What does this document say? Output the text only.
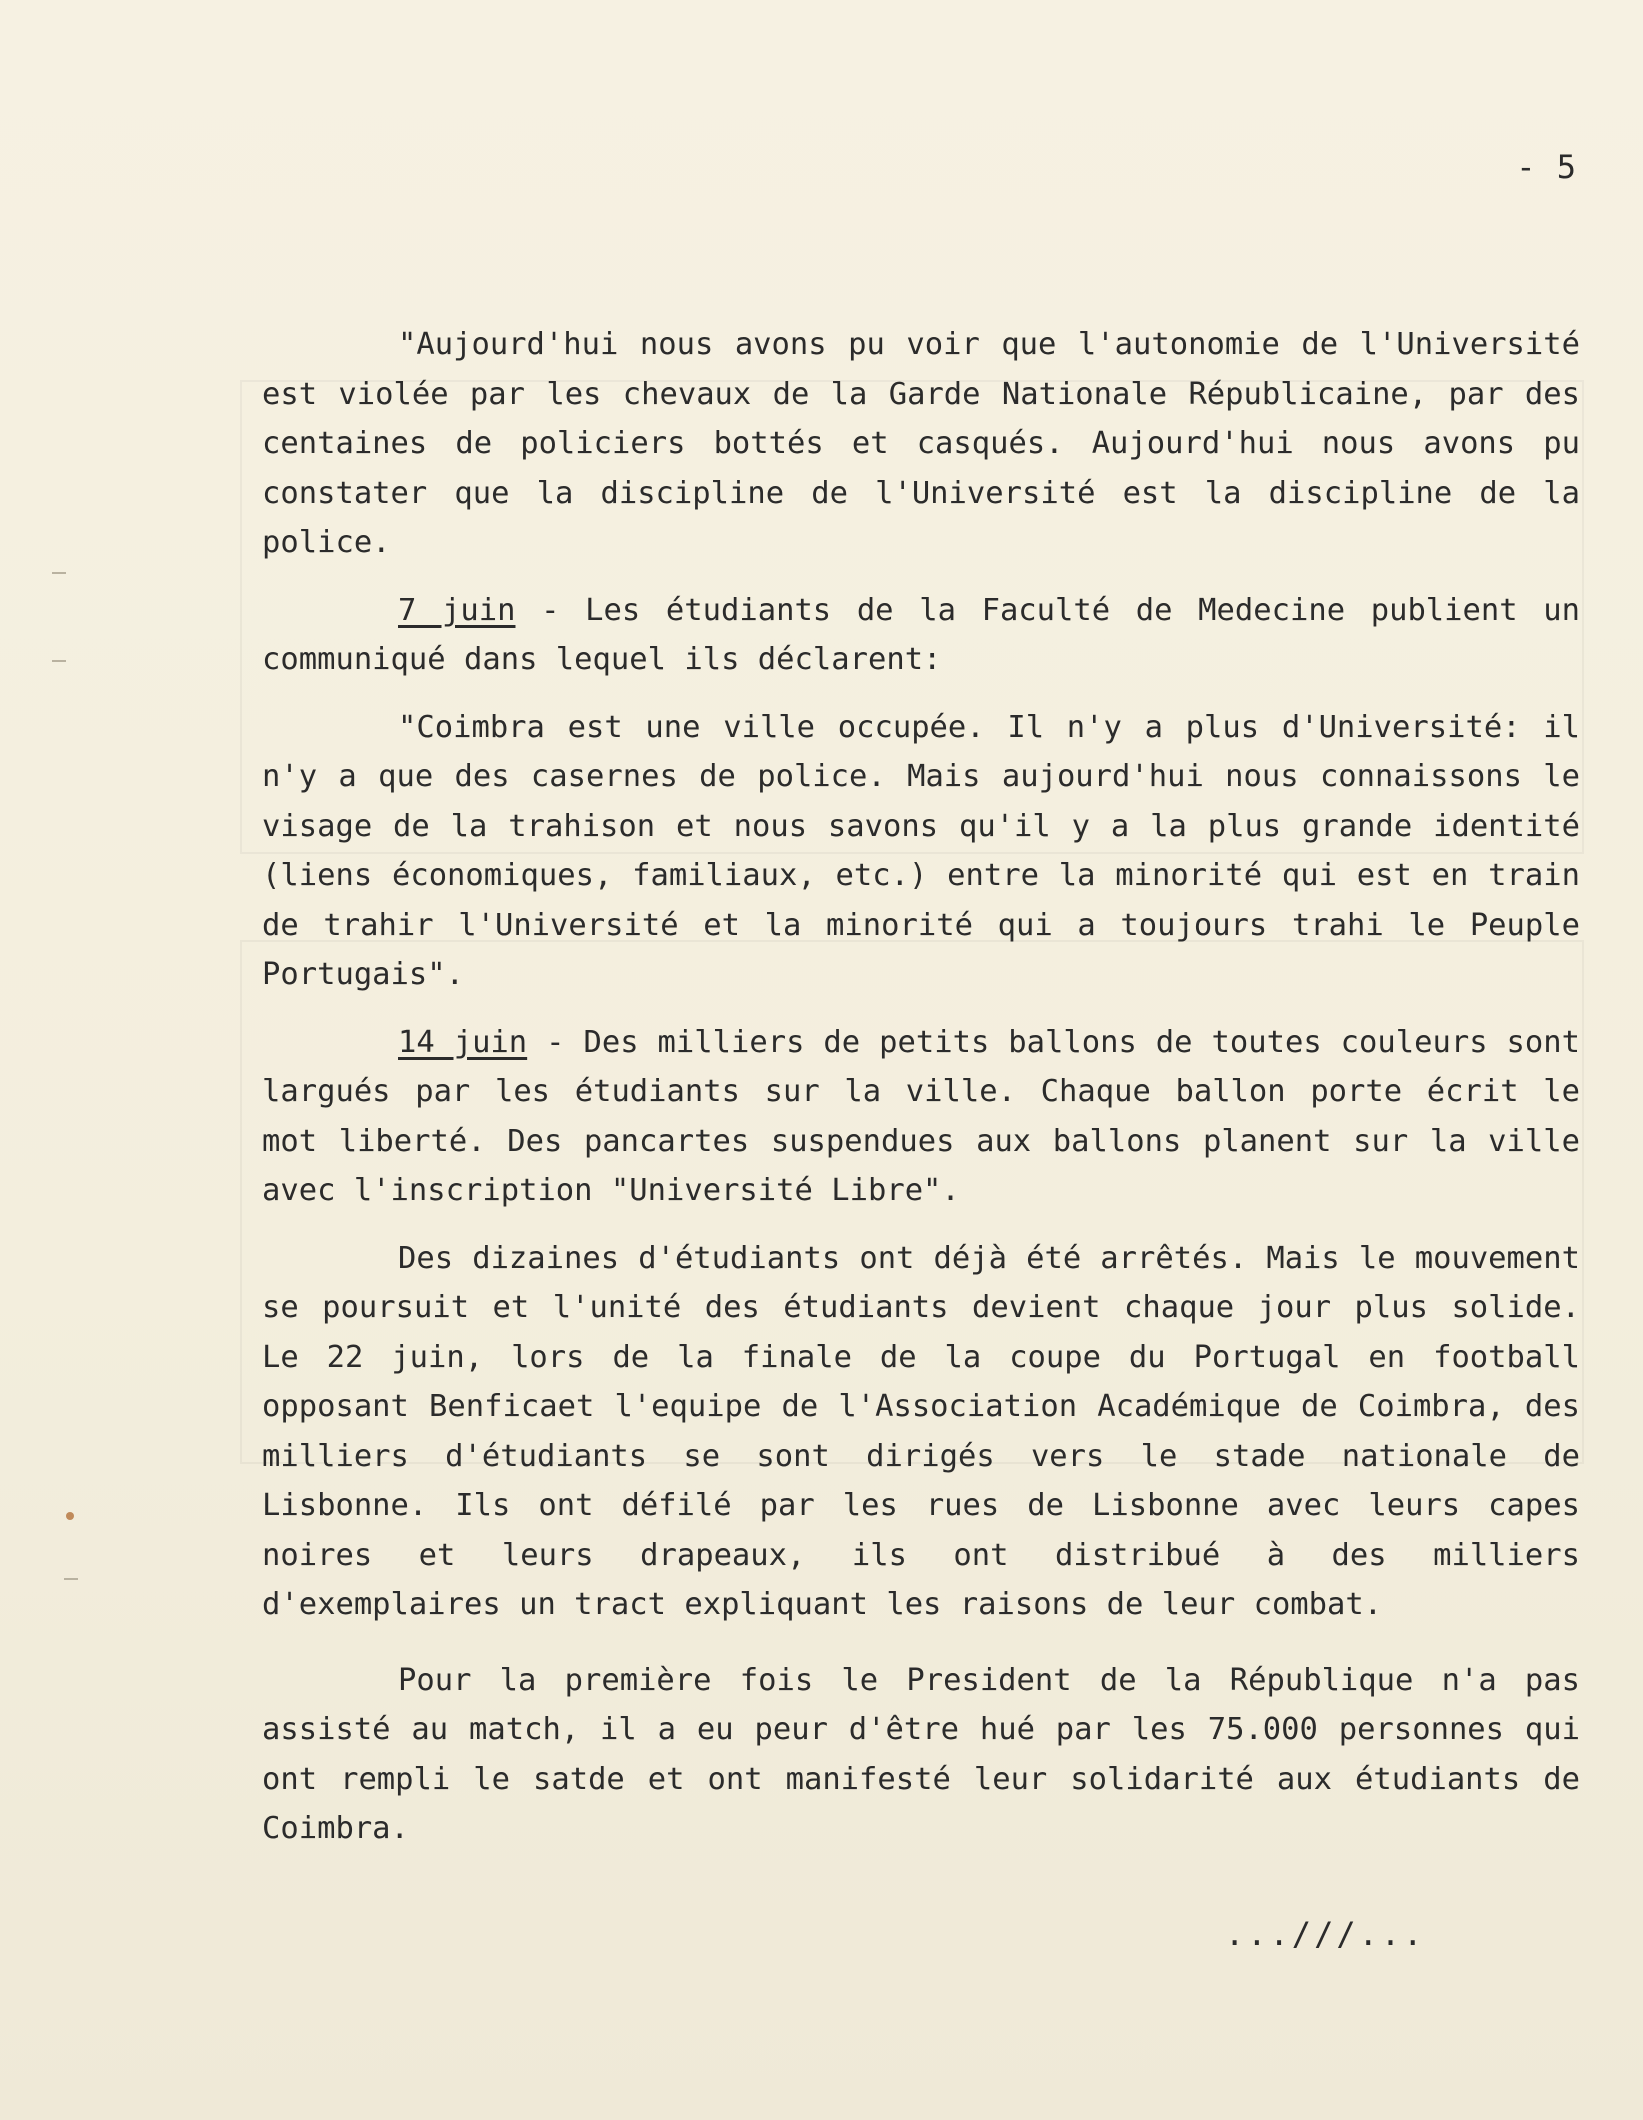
- 5

"Aujourd'hui nous avons pu voir que l'autonomie de l'Université est violée par les chevaux de la Garde Nationale Républicaine, par des centaines de policiers bottés et casqués. Aujourd'hui nous avons pu constater que la discipline de l'Université est la discipline de la police.

7 juin - Les étudiants de la Faculté de Medecine publient un communiqué dans lequel ils déclarent:

"Coimbra est une ville occupée. Il n'y a plus d'Université: il n'y a que des casernes de police. Mais aujourd'hui nous connaissons le visage de la trahison et nous savons qu'il y a la plus grande identité (liens économiques, familiaux, etc.) entre la minorité qui est en train de trahir l'Université et la minorité qui a toujours trahi le Peuple Portugais".

14 juin - Des milliers de petits ballons de toutes couleurs sont largués par les étudiants sur la ville. Chaque ballon porte écrit le mot liberté. Des pancartes suspendues aux ballons planent sur la ville avec l'inscription "Université Libre".

Des dizaines d'étudiants ont déjà été arrêtés. Mais le mouvement se poursuit et l'unité des étudiants devient chaque jour plus solide. Le 22 juin, lors de la finale de la coupe du Portugal en football opposant Benficaet l'equipe de l'Association Académique de Coimbra, des milliers d'étudiants se sont dirigés vers le stade nationale de Lisbonne. Ils ont défilé par les rues de Lisbonne avec leurs capes noires et leurs drapeaux, ils ont distribué à des milliers d'exemplaires un tract expliquant les raisons de leur combat.

Pour la première fois le President de la République n'a pas assisté au match, il a eu peur d'être hué par les 75.000 personnes qui ont rempli le satde et ont manifesté leur solidarité aux étudiants de Coimbra.

...///...
